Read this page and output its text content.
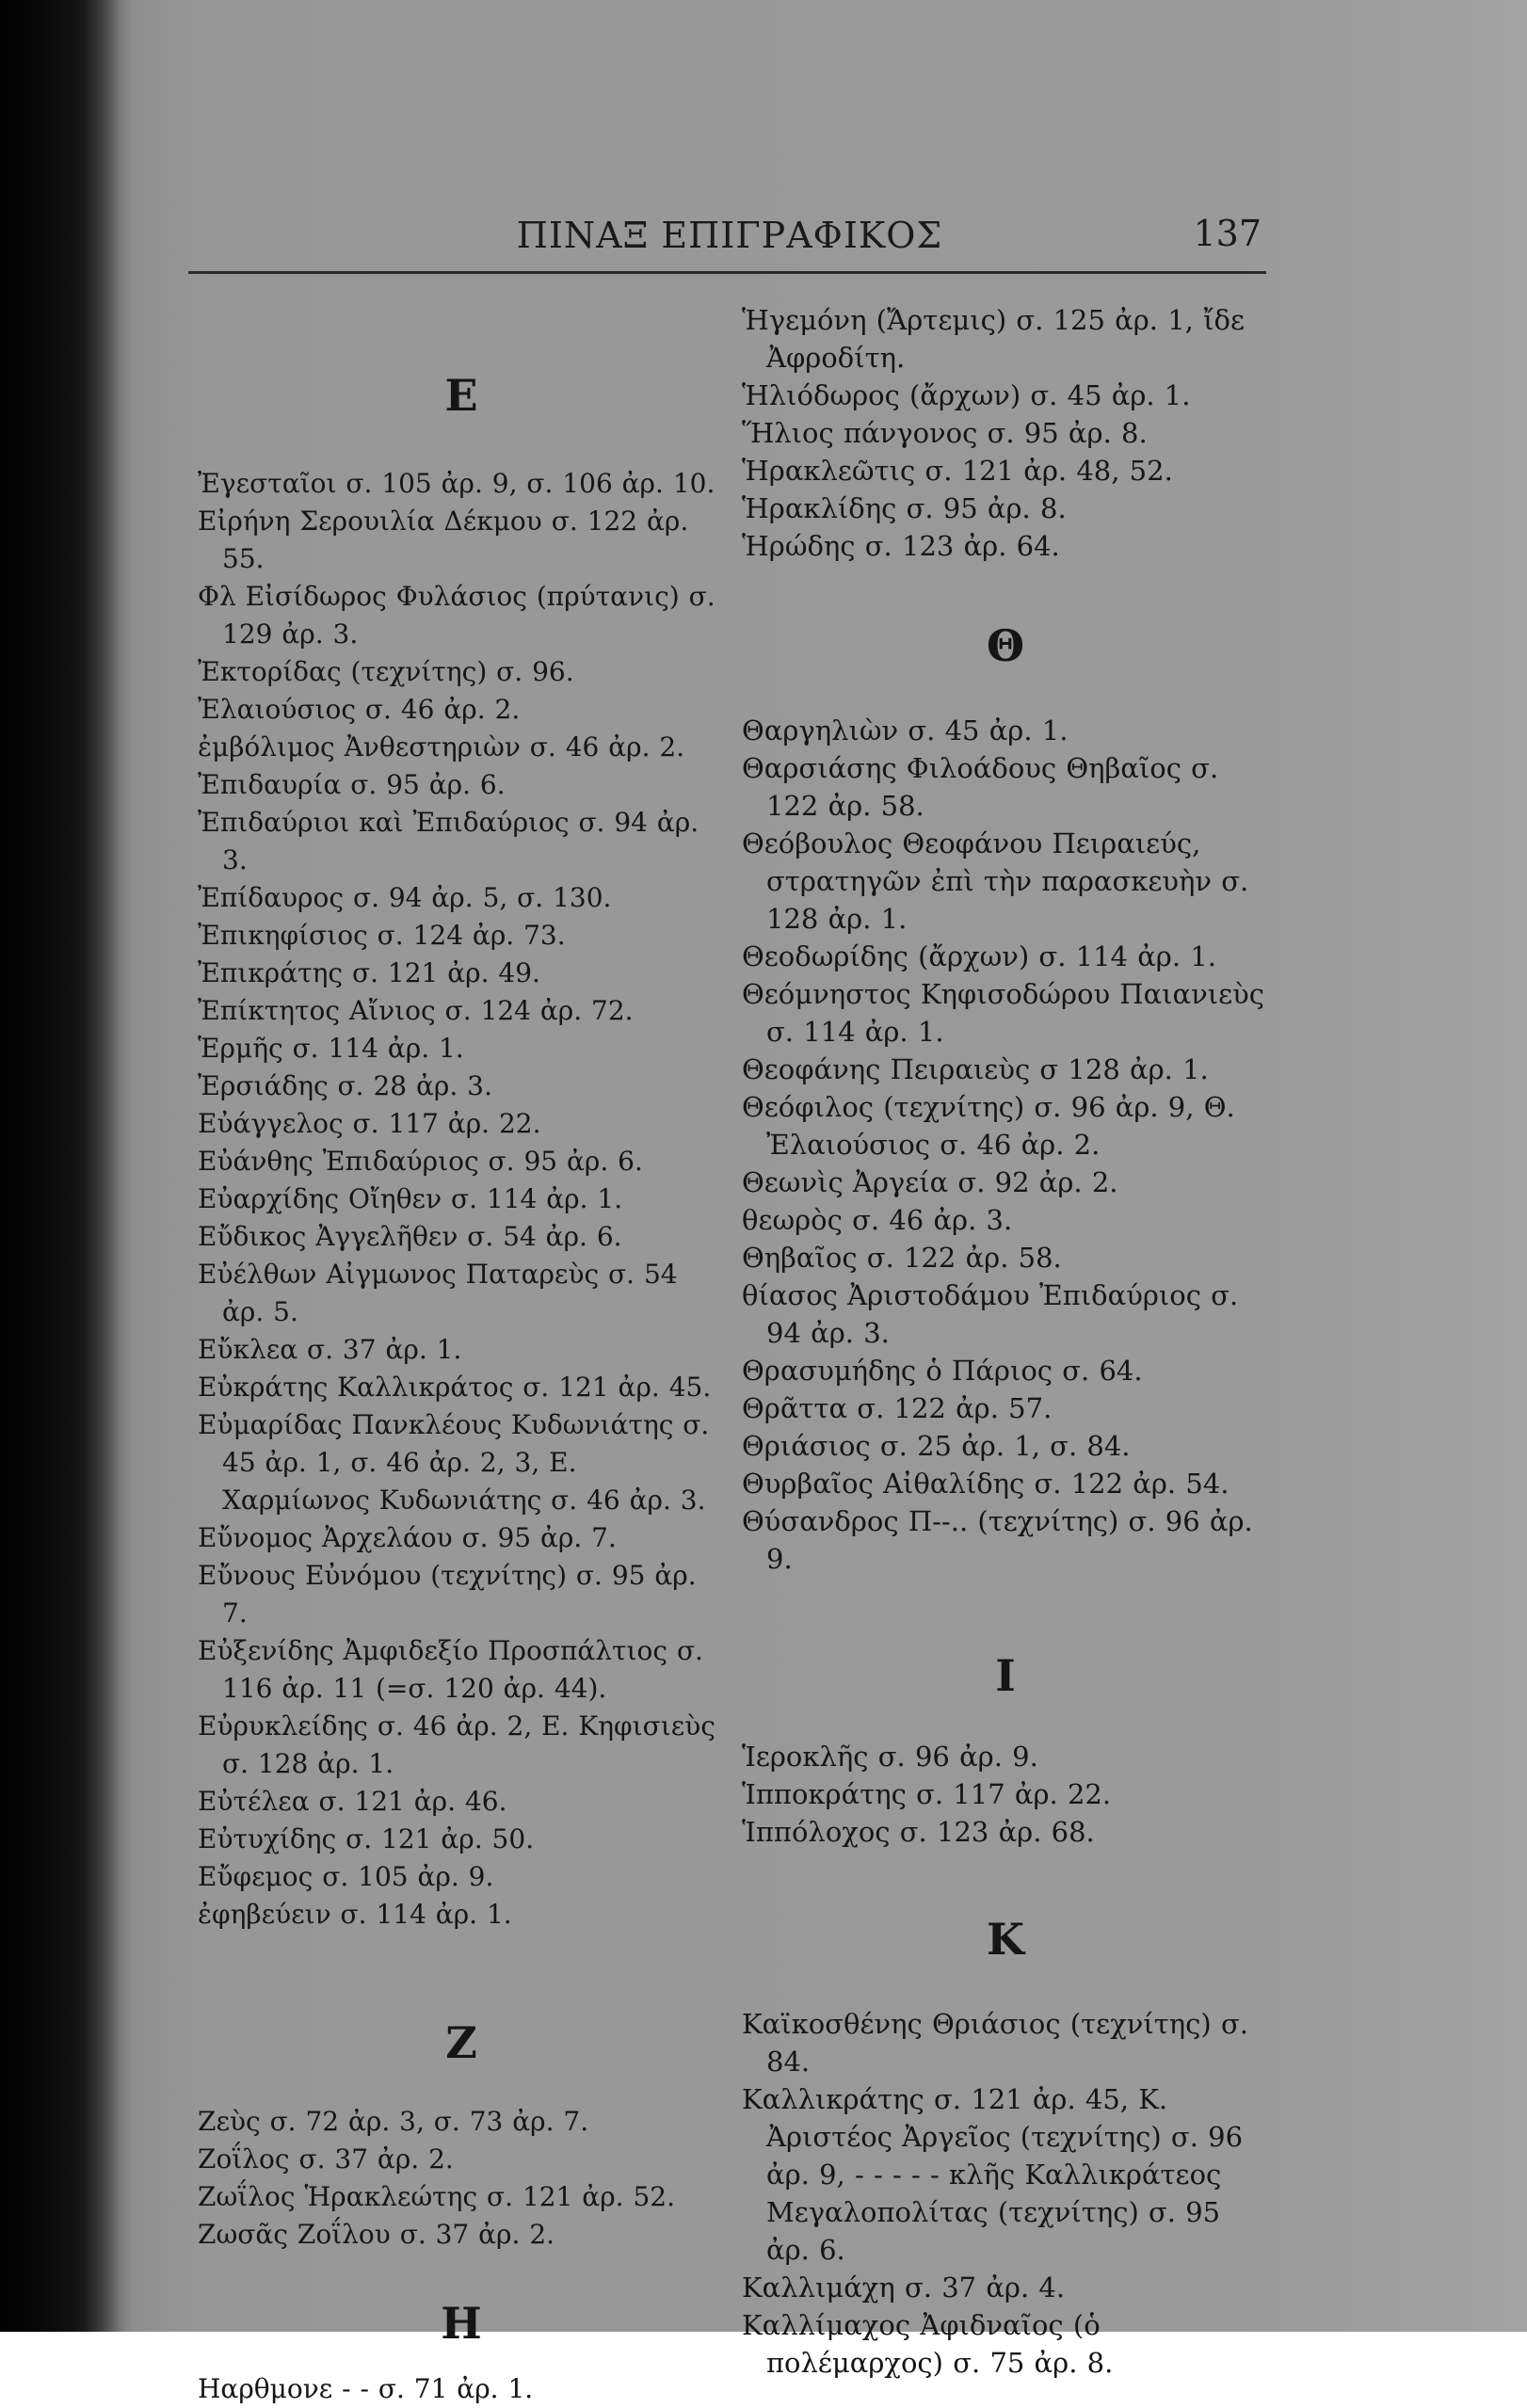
ΠΙΝΑΞ ΕΠΙΓΡΑΦΙΚΟΣ	137
Ε
Ἐγεσταῖοι σ. 105 ἀρ. 9, σ. 106 ἀρ. 10.
Εἰρήνη Σερουιλία Δέκμου σ. 122 ἀρ. 55.
Φλ Εἰσίδωρος Φυλάσιος (πρύτανις) σ. 129 ἀρ. 3.
Ἐκτορίδας (τεχνίτης) σ. 96.
Ἐλαιούσιος σ. 46 ἀρ. 2.
ἐμβόλιμος Ἀνθεστηριὼν σ. 46 ἀρ. 2.
Ἐπιδαυρία σ. 95 ἀρ. 6.
Ἐπιδαύριοι καὶ Ἐπιδαύριος σ. 94 ἀρ. 3.
Ἐπίδαυρος σ. 94 ἀρ. 5, σ. 130.
Ἐπικηφίσιος σ. 124 ἀρ. 73.
Ἐπικράτης σ. 121 ἀρ. 49.
Ἐπίκτητος Αἴνιος σ. 124 ἀρ. 72.
Ἑρμῆς σ. 114 ἀρ. 1.
Ἐρσιάδης σ. 28 ἀρ. 3.
Εὐάγγελος σ. 117 ἀρ. 22.
Εὐάνθης Ἐπιδαύριος σ. 95 ἀρ. 6.
Εὐαρχίδης Οἴηθεν σ. 114 ἀρ. 1.
Εὔδικος Ἀγγελῆθεν σ. 54 ἀρ. 6.
Εὐέλθων Αἰγμωνος Παταρεὺς σ. 54 ἀρ. 5.
Εὔκλεα σ. 37 ἀρ. 1.
Εὐκράτης Καλλικράτος σ. 121 ἀρ. 45.
Εὐμαρίδας Πανκλέους Κυδωνιάτης σ. 45 ἀρ. 1, σ. 46 ἀρ. 2, 3, Ε. Χαρμίωνος Κυδωνιάτης σ. 46 ἀρ. 3.
Εὔνομος Ἀρχελάου σ. 95 ἀρ. 7.
Εὔνους Εὐνόμου (τεχνίτης) σ. 95 ἀρ. 7.
Εὐξενίδης Ἀμφιδεξίο Προσπάλτιος σ. 116 ἀρ. 11 (=σ. 120 ἀρ. 44).
Εὐρυκλείδης σ. 46 ἀρ. 2, Ε. Κηφισιεὺς σ. 128 ἀρ. 1.
Εὐτέλεα σ. 121 ἀρ. 46.
Εὐτυχίδης σ. 121 ἀρ. 50.
Εὔφεμος σ. 105 ἀρ. 9.
ἐφηβεύειν σ. 114 ἀρ. 1.
Ζ
Ζεὺς σ. 72 ἀρ. 3, σ. 73 ἀρ. 7.
Ζοΐλος σ. 37 ἀρ. 2.
Ζωΐλος Ἡρακλεώτης σ. 121 ἀρ. 52.
Ζωσᾶς Ζοΐλου σ. 37 ἀρ. 2.
Η
Ηαρθμονε - - σ. 71 ἀρ. 1.
Ἡγεμόνη (Ἄρτεμις) σ. 125 ἀρ. 1, ἴδε Ἀφροδίτη.
Ἡλιόδωρος (ἄρχων) σ. 45 ἀρ. 1.
Ἥλιος πάνγονος σ. 95 ἀρ. 8.
Ἡρακλεῶτις σ. 121 ἀρ. 48, 52.
Ἡρακλίδης σ. 95 ἀρ. 8.
Ἡρώδης σ. 123 ἀρ. 64.
Θ
Θαργηλιὼν σ. 45 ἀρ. 1.
Θαρσιάσης Φιλοάδους Θηβαῖος σ. 122 ἀρ. 58.
Θεόβουλος Θεοφάνου Πειραιεύς, στρατηγῶν ἐπὶ τὴν παρασκευὴν σ. 128 ἀρ. 1.
Θεοδωρίδης (ἄρχων) σ. 114 ἀρ. 1.
Θεόμνηστος Κηφισοδώρου Παιανιεὺς σ. 114 ἀρ. 1.
Θεοφάνης Πειραιεὺς σ 128 ἀρ. 1.
Θεόφιλος (τεχνίτης) σ. 96 ἀρ. 9, Θ. Ἐλαιούσιος σ. 46 ἀρ. 2.
Θεωνὶς Ἀργεία σ. 92 ἀρ. 2.
θεωρὸς σ. 46 ἀρ. 3.
Θηβαῖος σ. 122 ἀρ. 58.
θίασος Ἀριστοδάμου Ἐπιδαύριος σ. 94 ἀρ. 3.
Θρασυμήδης ὁ Πάριος σ. 64.
Θρᾶττα σ. 122 ἀρ. 57.
Θριάσιος σ. 25 ἀρ. 1, σ. 84.
Θυρβαῖος Αἰθαλίδης σ. 122 ἀρ. 54.
Θύσανδρος Π--.. (τεχνίτης) σ. 96 ἀρ. 9.
Ι
Ἱεροκλῆς σ. 96 ἀρ. 9.
Ἱπποκράτης σ. 117 ἀρ. 22.
Ἱππόλοχος σ. 123 ἀρ. 68.
Κ
Καϊκοσθένης Θριάσιος (τεχνίτης) σ. 84.
Καλλικράτης σ. 121 ἀρ. 45, Κ. Ἀριστέος Ἀργεῖος (τεχνίτης) σ. 96 ἀρ. 9, - - - - - κλῆς Καλλικράτεος Μεγαλοπολίτας (τεχνίτης) σ. 95 ἀρ. 6.
Καλλιμάχη σ. 37 ἀρ. 4.
Καλλίμαχος Ἀφιδναῖος (ὁ πολέμαρχος) σ. 75 ἀρ. 8.
